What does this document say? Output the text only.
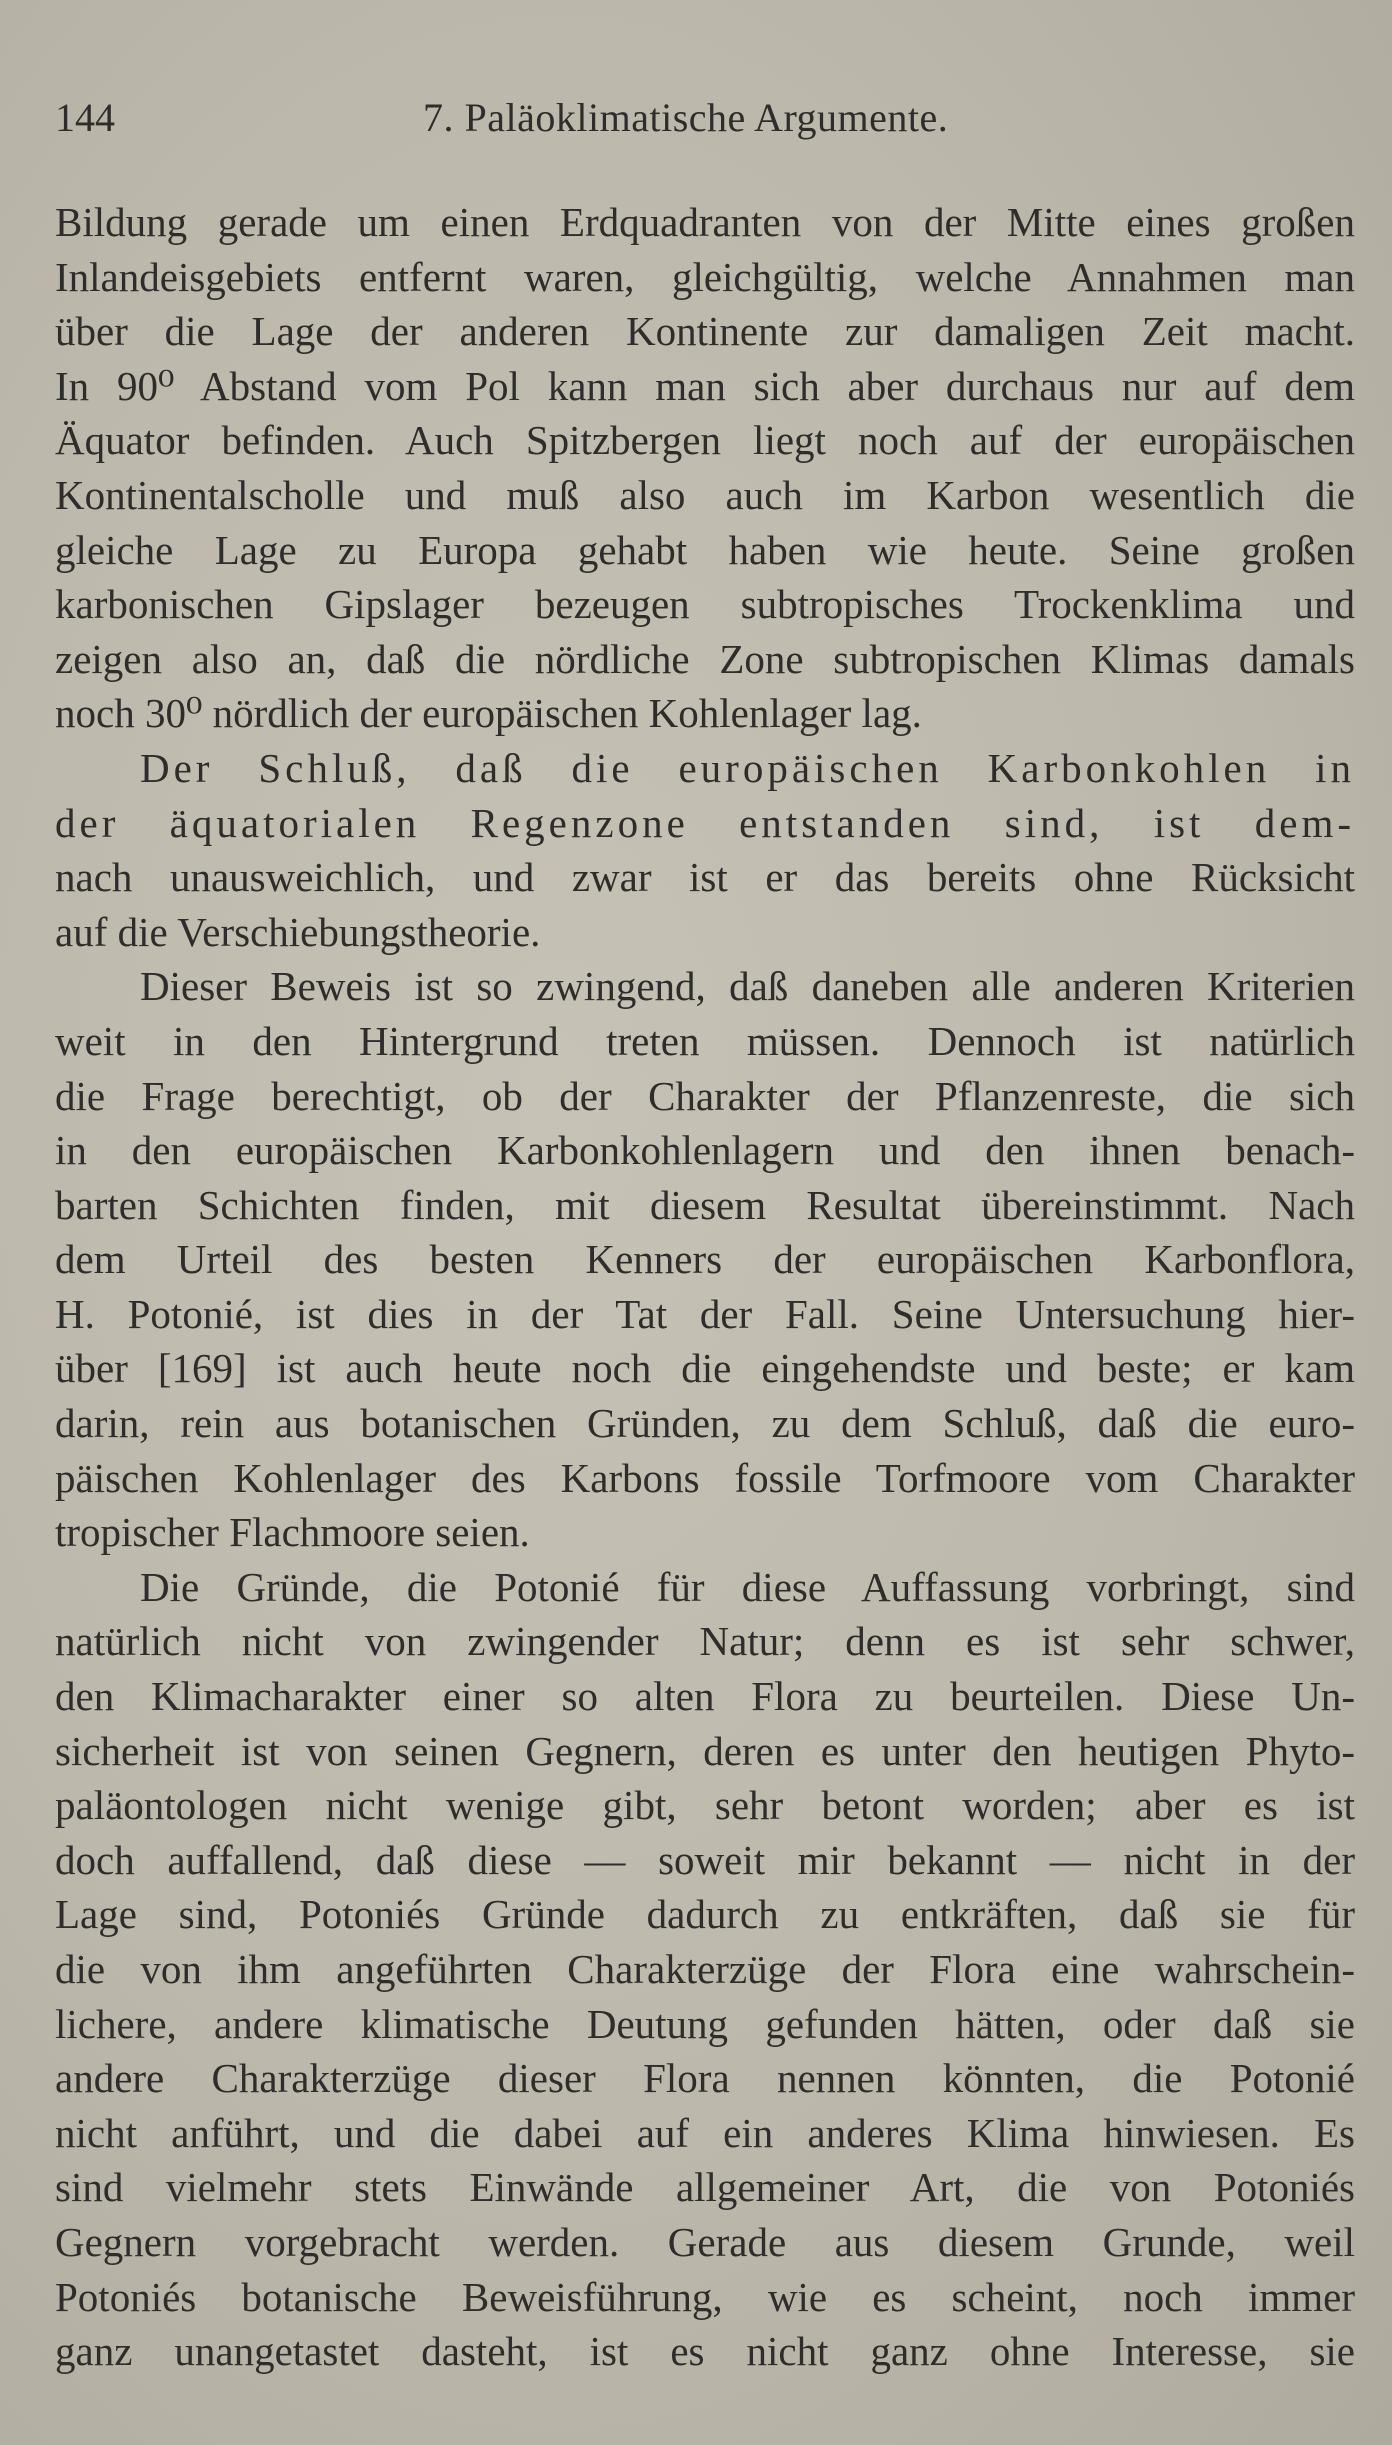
144	7. Paläoklimatische Argumente.
Bildung gerade um einen Erdquadranten von der Mitte eines großen
Inlandeisgebiets entfernt waren, gleichgültig, welche Annahmen man
über die Lage der anderen Kontinente zur damaligen Zeit macht.
In 90⁰ Abstand vom Pol kann man sich aber durchaus nur auf dem
Äquator befinden. Auch Spitzbergen liegt noch auf der europäischen
Kontinentalscholle und muß also auch im Karbon wesentlich die
gleiche Lage zu Europa gehabt haben wie heute. Seine großen
karbonischen Gipslager bezeugen subtropisches Trockenklima und
zeigen also an, daß die nördliche Zone subtropischen Klimas damals
noch 30⁰ nördlich der europäischen Kohlenlager lag.
Der Schluß, daß die europäischen Karbonkohlen in
der äquatorialen Regenzone entstanden sind, ist dem-
nach unausweichlich, und zwar ist er das bereits ohne Rücksicht
auf die Verschiebungstheorie.
Dieser Beweis ist so zwingend, daß daneben alle anderen Kriterien
weit in den Hintergrund treten müssen. Dennoch ist natürlich
die Frage berechtigt, ob der Charakter der Pflanzenreste, die sich
in den europäischen Karbonkohlenlagern und den ihnen benach-
barten Schichten finden, mit diesem Resultat übereinstimmt. Nach
dem Urteil des besten Kenners der europäischen Karbonflora,
H. Potonié, ist dies in der Tat der Fall. Seine Untersuchung hier-
über [169] ist auch heute noch die eingehendste und beste; er kam
darin, rein aus botanischen Gründen, zu dem Schluß, daß die euro-
päischen Kohlenlager des Karbons fossile Torfmoore vom Charakter
tropischer Flachmoore seien.
Die Gründe, die Potonié für diese Auffassung vorbringt, sind
natürlich nicht von zwingender Natur; denn es ist sehr schwer,
den Klimacharakter einer so alten Flora zu beurteilen. Diese Un-
sicherheit ist von seinen Gegnern, deren es unter den heutigen Phyto-
paläontologen nicht wenige gibt, sehr betont worden; aber es ist
doch auffallend, daß diese — soweit mir bekannt — nicht in der
Lage sind, Potoniés Gründe dadurch zu entkräften, daß sie für
die von ihm angeführten Charakterzüge der Flora eine wahrschein-
lichere, andere klimatische Deutung gefunden hätten, oder daß sie
andere Charakterzüge dieser Flora nennen könnten, die Potonié
nicht anführt, und die dabei auf ein anderes Klima hinwiesen. Es
sind vielmehr stets Einwände allgemeiner Art, die von Potoniés
Gegnern vorgebracht werden. Gerade aus diesem Grunde, weil
Potoniés botanische Beweisführung, wie es scheint, noch immer
ganz unangetastet dasteht, ist es nicht ganz ohne Interesse, sie
